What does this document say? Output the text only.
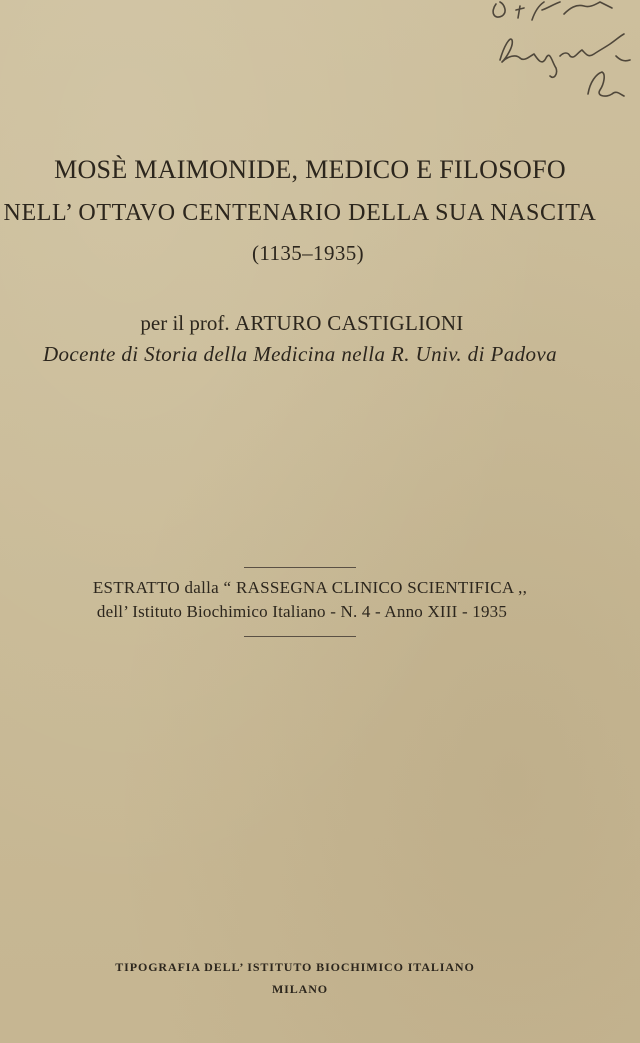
MOSÈ MAIMONIDE, MEDICO E FILOSOFO
NELL’ OTTAVO CENTENARIO DELLA SUA NASCITA
(1135–1935)
per il prof. ARTURO CASTIGLIONI
Docente di Storia della Medicina nella R. Univ. di Padova
ESTRATTO dalla “ RASSEGNA CLINICO SCIENTIFICA ,,
dell’ Istituto Biochimico Italiano - N. 4 - Anno XIII - 1935
TIPOGRAFIA DELL’ ISTITUTO BIOCHIMICO ITALIANO
MILANO
